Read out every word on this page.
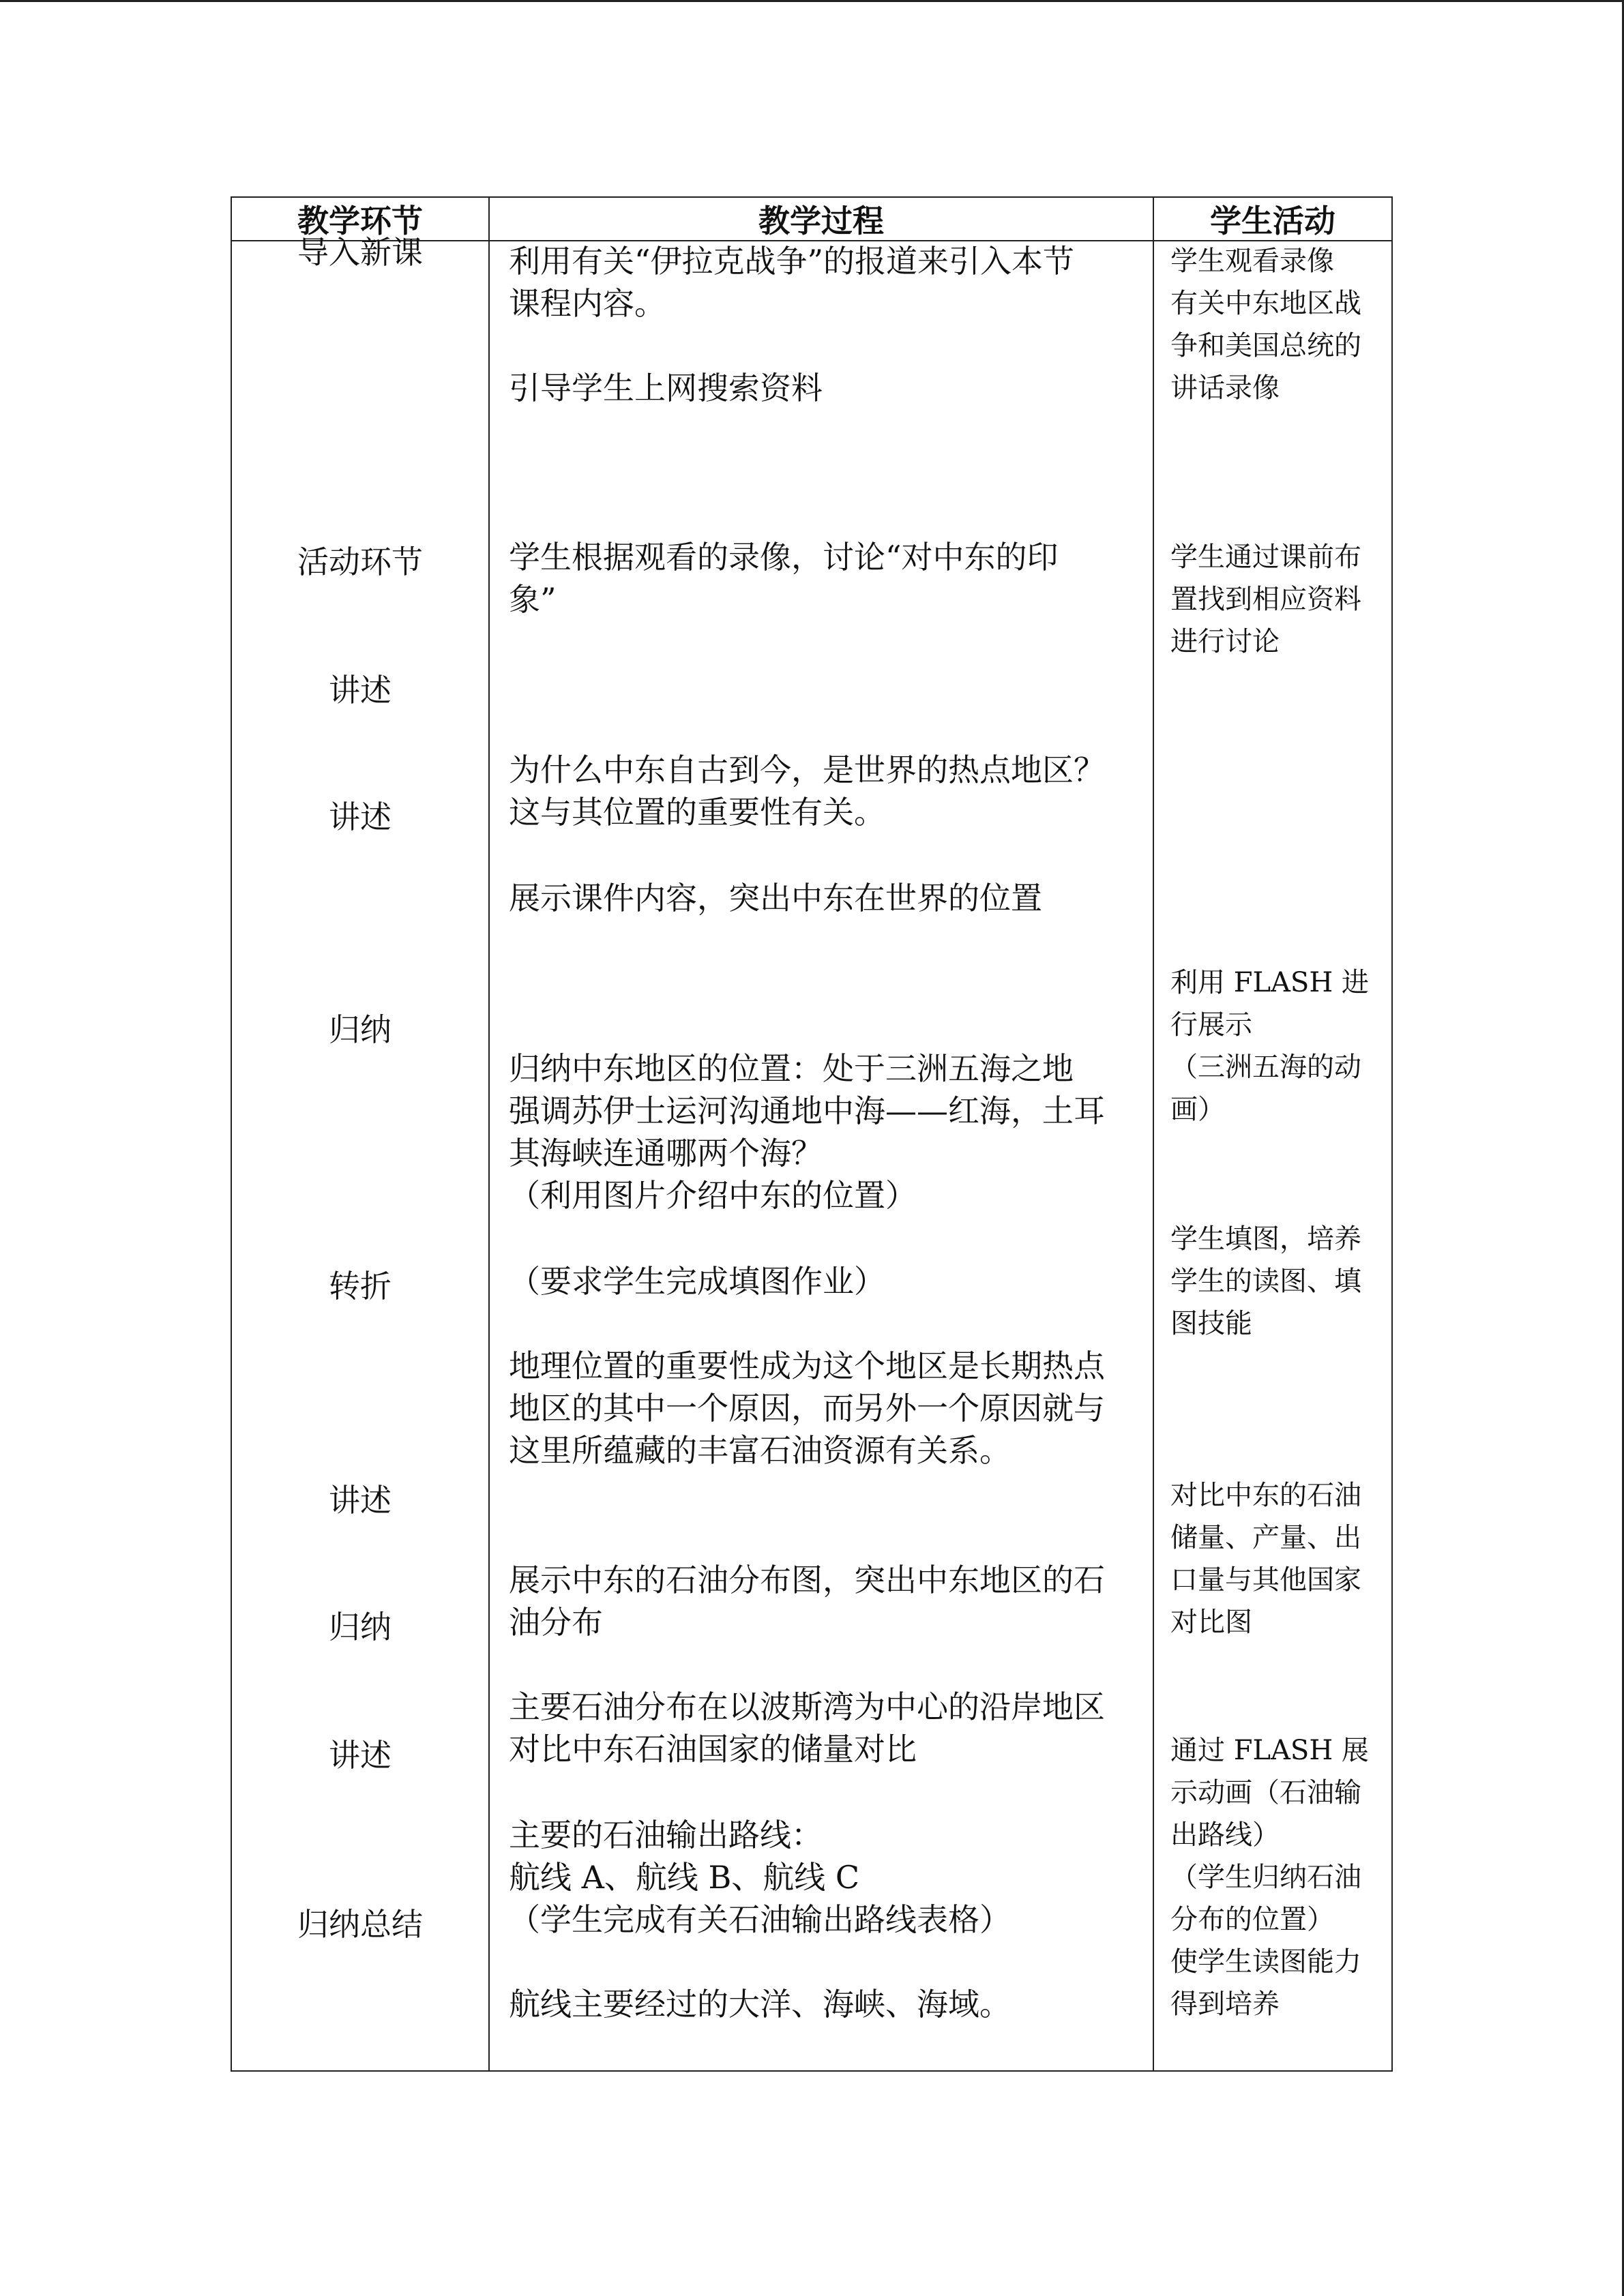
教学环节	教学过程	学生活动
导入新课
活动环节
讲述
讲述
归纳
转折
讲述
归纳
讲述
归纳总结
利用有关“伊拉克战争”的报道来引入本节
课程内容。
引导学生上网搜索资料
学生根据观看的录像，讨论“对中东的印
象”
为什么中东自古到今，是世界的热点地区？
这与其位置的重要性有关。
展示课件内容，突出中东在世界的位置
归纳中东地区的位置：处于三洲五海之地
强调苏伊士运河沟通地中海——红海，土耳
其海峡连通哪两个海？
（利用图片介绍中东的位置）
（要求学生完成填图作业）
地理位置的重要性成为这个地区是长期热点
地区的其中一个原因，而另外一个原因就与
这里所蕴藏的丰富石油资源有关系。
展示中东的石油分布图，突出中东地区的石
油分布
主要石油分布在以波斯湾为中心的沿岸地区
对比中东石油国家的储量对比
主要的石油输出路线：
航线 A、航线 B、航线 C
（学生完成有关石油输出路线表格）
航线主要经过的大洋、海峡、海域。
学生观看录像
有关中东地区战
争和美国总统的
讲话录像
学生通过课前布
置找到相应资料
进行讨论
利用 FLASH 进
行展示
（三洲五海的动
画）
学生填图，培养
学生的读图、填
图技能
对比中东的石油
储量、产量、出
口量与其他国家
对比图
通过 FLASH 展
示动画（石油输
出路线）
（学生归纳石油
分布的位置）
使学生读图能力
得到培养
